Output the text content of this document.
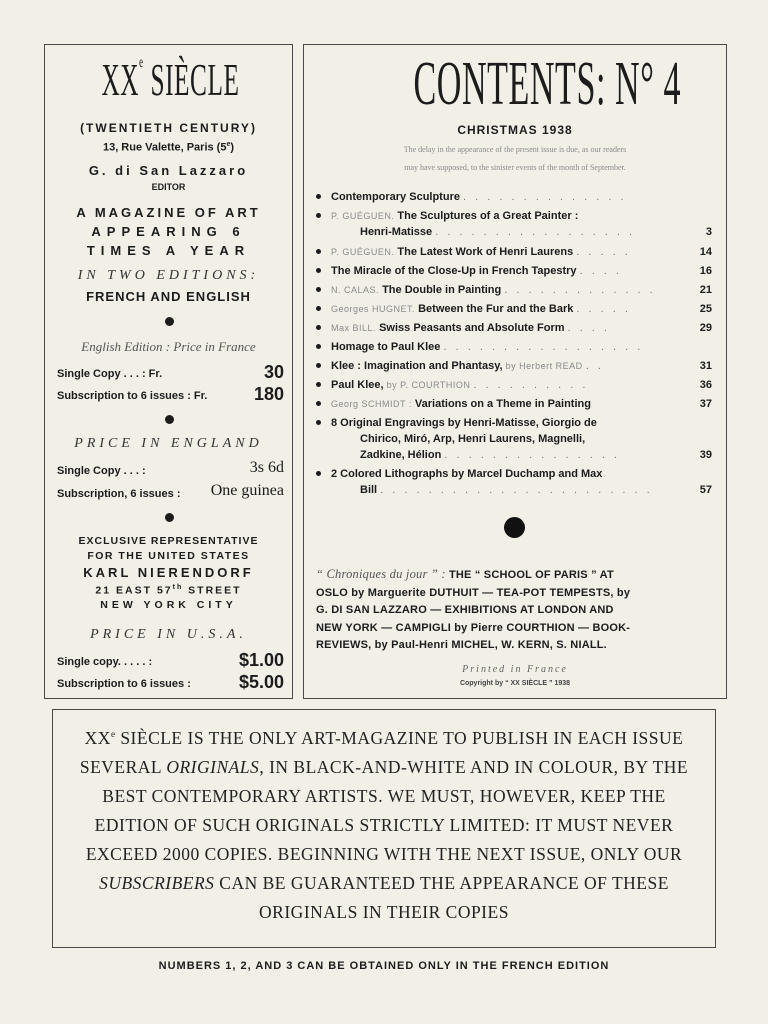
XXe SIÈCLE
(TWENTIETH CENTURY)
13, Rue Valette, Paris (5e)
G. di San Lazzaro
EDITOR
A MAGAZINE OF ART
APPEARING 6
TIMES A YEAR
IN TWO EDITIONS:
FRENCH AND ENGLISH
English Edition : Price in France
Single Copy . . . : Fr.	30
Subscription to 6 issues : Fr.	180
PRICE IN ENGLAND
Single Copy . . . :	3s 6d
Subscription, 6 issues : One guinea
EXCLUSIVE REPRESENTATIVE
FOR THE UNITED STATES
KARL NIERENDORF
21 EAST 57th STREET
NEW YORK CITY
PRICE IN U.S.A.
Single copy. . . . . :	$1.00
Subscription to 6 issues :	$5.00
CONTENTS: N° 4
CHRISTMAS 1938
The delay in the appearance of the present issue is due, as our readers
may have supposed, to the sinister events of the month of September.
Contemporary Sculpture . . . . . . . . . . . . . .
P. GUÉGUEN. The Sculptures of a Great Painter :
Henri-Matisse . . . . . . . . . . . . . . . . .	3
P. GUÉGUEN. The Latest Work of Henri Laurens . . . . .	14
The Miracle of the Close-Up in French Tapestry . . . .	16
N. CALAS. The Double in Painting . . . . . . . . . . . . .	21
Georges HUGNET. Between the Fur and the Bark . . . . .	25
Max BILL. Swiss Peasants and Absolute Form . . . .	29
Homage to Paul Klee . . . . . . . . . . . . . . . . .
Klee : Imagination and Phantasy, by Herbert READ . .	31
Paul Klee, by P. COURTHION . . . . . . . . . .	36
Georg SCHMIDT : Variations on a Theme in Painting	37
8 Original Engravings by Henri-Matisse, Giorgio de
Chirico, Miró, Arp, Henri Laurens, Magnelli,
Zadkine, Hélion . . . . . . . . . . . . . . .	39
2 Colored Lithographs by Marcel Duchamp and Max
Bill . . . . . . . . . . . . . . . . . . . . . . .	57
“ Chroniques du jour ” : THE “ SCHOOL OF PARIS ” AT
OSLO by Marguerite DUTHUIT — TEA-POT TEMPESTS, by
G. DI SAN LAZZARO — EXHIBITIONS AT LONDON AND
NEW YORK — CAMPIGLI by Pierre COURTHION — BOOK-
REVIEWS, by Paul-Henri MICHEL, W. KERN, S. NIALL.
Printed in France
Copyright by “ XX SIÈCLE ” 1938
XXe SIÈCLE IS THE ONLY ART-MAGAZINE TO PUBLISH IN EACH ISSUE SEVERAL ORIGINALS, IN BLACK-AND-WHITE AND IN COLOUR, BY THE BEST CONTEMPORARY ARTISTS. WE MUST, HOWEVER, KEEP THE EDITION OF SUCH ORIGINALS STRICTLY LIMITED: IT MUST NEVER EXCEED 2000 COPIES. BEGINNING WITH THE NEXT ISSUE, ONLY OUR SUBSCRIBERS CAN BE GUARANTEED THE APPEARANCE OF THESE ORIGINALS IN THEIR COPIES
NUMBERS 1, 2, AND 3 CAN BE OBTAINED ONLY IN THE FRENCH EDITION
